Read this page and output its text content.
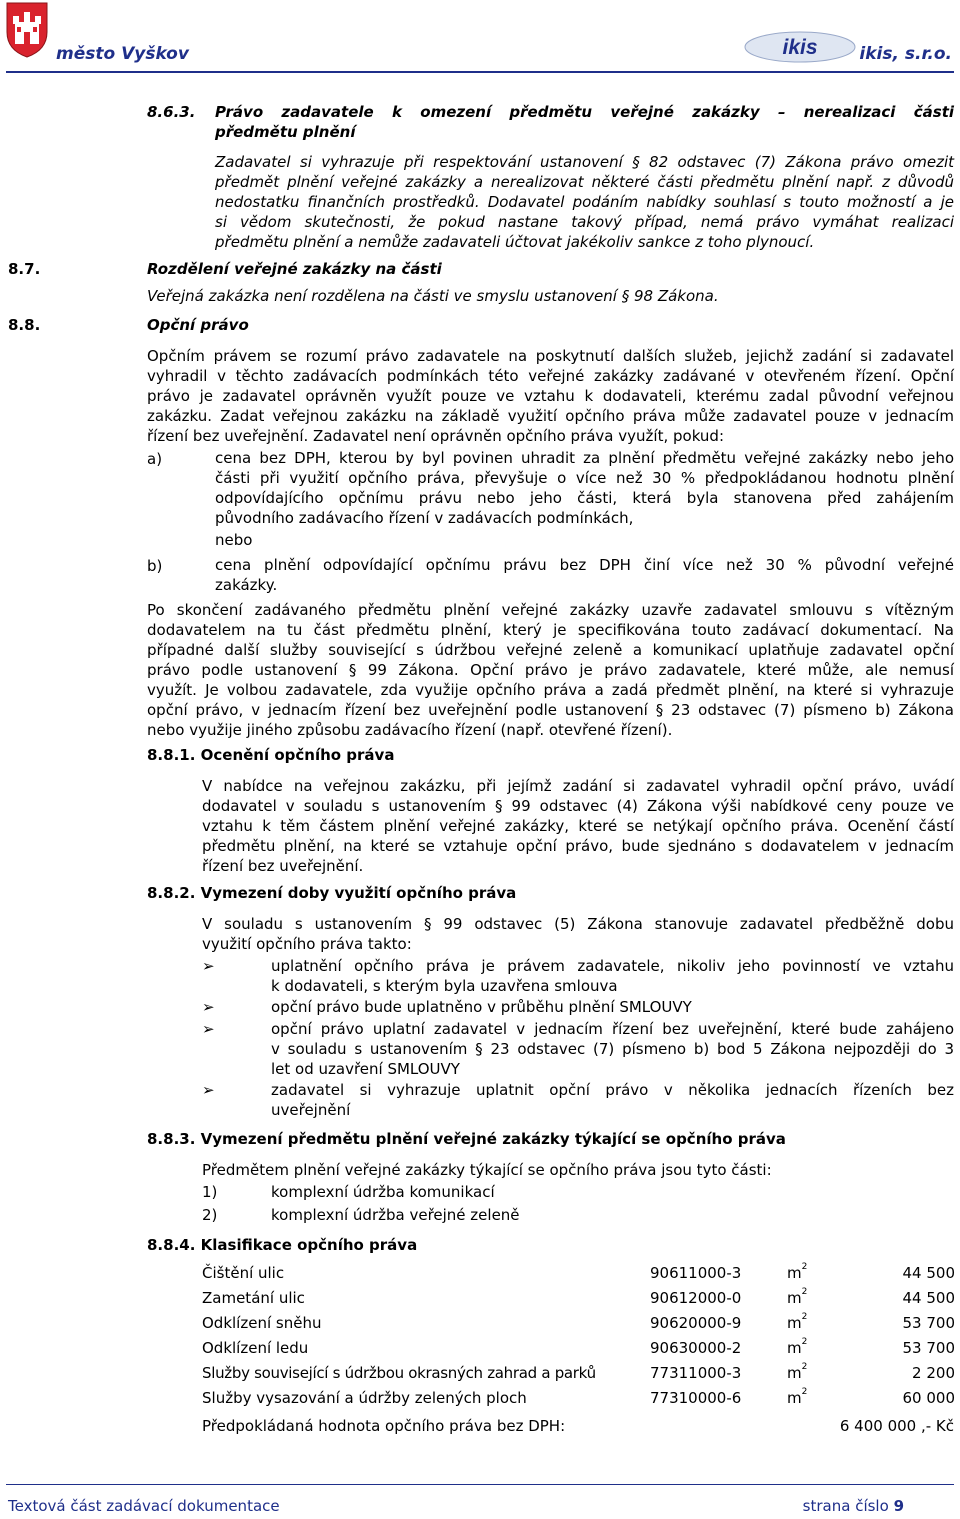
město Vyškov	ikis ikis, s.r.o.
8.6.3. Právo zadavatele k omezení předmětu veřejné zakázky – nerealizaci části
předmětu plnění
Zadavatel si vyhrazuje při respektování ustanovení § 82 odstavec (7) Zákona právo omezit
předmět plnění veřejné zakázky a nerealizovat některé části předmětu plnění např. z důvodů
nedostatku finančních prostředků. Dodavatel podáním nabídky souhlasí s touto možností a je
si vědom skutečnosti, že pokud nastane takový případ, nemá právo vymáhat realizaci
předmětu plnění a nemůže zadavateli účtovat jakékoliv sankce z toho plynoucí.
8.7.	Rozdělení veřejné zakázky na části
Veřejná zakázka není rozdělena na části ve smyslu ustanovení § 98 Zákona.
8.8.	Opční právo
Opčním právem se rozumí právo zadavatele na poskytnutí dalších služeb, jejichž zadání si zadavatel
vyhradil v těchto zadávacích podmínkách této veřejné zakázky zadávané v otevřeném řízení. Opční
právo je zadavatel oprávněn využít pouze ve vztahu k dodavateli, kterému zadal původní veřejnou
zakázku. Zadat veřejnou zakázku na základě využití opčního práva může zadavatel pouze v jednacím
řízení bez uveřejnění. Zadavatel není oprávněn opčního práva využít, pokud:
a)	cena bez DPH, kterou by byl povinen uhradit za plnění předmětu veřejné zakázky nebo jeho
části při využití opčního práva, převyšuje o více než 30 % předpokládanou hodnotu plnění
odpovídajícího opčnímu právu nebo jeho části, která byla stanovena před zahájením
původního zadávacího řízení v zadávacích podmínkách,
nebo
b)	cena plnění odpovídající opčnímu právu bez DPH činí více než 30 % původní veřejné
zakázky.
Po skončení zadávaného předmětu plnění veřejné zakázky uzavře zadavatel smlouvu s vítězným
dodavatelem na tu část předmětu plnění, který je specifikována touto zadávací dokumentací. Na
případné další služby související s údržbou veřejné zeleně a komunikací uplatňuje zadavatel opční
právo podle ustanovení § 99 Zákona. Opční právo je právo zadavatele, které může, ale nemusí
využít. Je volbou zadavatele, zda využije opčního práva a zadá předmět plnění, na které si vyhrazuje
opční právo, v jednacím řízení bez uveřejnění podle ustanovení § 23 odstavec (7) písmeno b) Zákona
nebo využije jiného způsobu zadávacího řízení (např. otevřené řízení).
8.8.1. Ocenění opčního práva
V nabídce na veřejnou zakázku, při jejímž zadání si zadavatel vyhradil opční právo, uvádí
dodavatel v souladu s ustanovením § 99 odstavec (4) Zákona výši nabídkové ceny pouze ve
vztahu k těm částem plnění veřejné zakázky, které se netýkají opčního práva. Ocenění částí
předmětu plnění, na které se vztahuje opční právo, bude sjednáno s dodavatelem v jednacím
řízení bez uveřejnění.
8.8.2. Vymezení doby využití opčního práva
V souladu s ustanovením § 99 odstavec (5) Zákona stanovuje zadavatel předběžně dobu
využití opčního práva takto:
➢	uplatnění opčního práva je právem zadavatele, nikoliv jeho povinností ve vztahu
k dodavateli, s kterým byla uzavřena smlouva
➢	opční právo bude uplatněno v průběhu plnění SMLOUVY
➢	opční právo uplatní zadavatel v jednacím řízení bez uveřejnění, které bude zahájeno
v souladu s ustanovením § 23 odstavec (7) písmeno b) bod 5 Zákona nejpozději do 3
let od uzavření SMLOUVY
➢	zadavatel si vyhrazuje uplatnit opční právo v několika jednacích řízeních bez
uveřejnění
8.8.3. Vymezení předmětu plnění veřejné zakázky týkající se opčního práva
Předmětem plnění veřejné zakázky týkající se opčního práva jsou tyto části:
1)	komplexní údržba komunikací
2)	komplexní údržba veřejné zeleně
8.8.4. Klasifikace opčního práva
Čištění ulic	90611000-3	$m^2$	44 500
Zametání ulic	90612000-0	$m^2$	44 500
Odklízení sněhu	90620000-9	$m^2$	53 700
Odklízení ledu	90630000-2	$m^2$	53 700
Služby související s údržbou okrasných zahrad a parků	77311000-3	$m^2$	2 200
Služby vysazování a údržby zelených ploch	77310000-6	$m^2$	60 000
Předpokládaná hodnota opčního práva bez DPH:	6 400 000 ,- Kč
Textová část zadávací dokumentace	strana číslo 9
